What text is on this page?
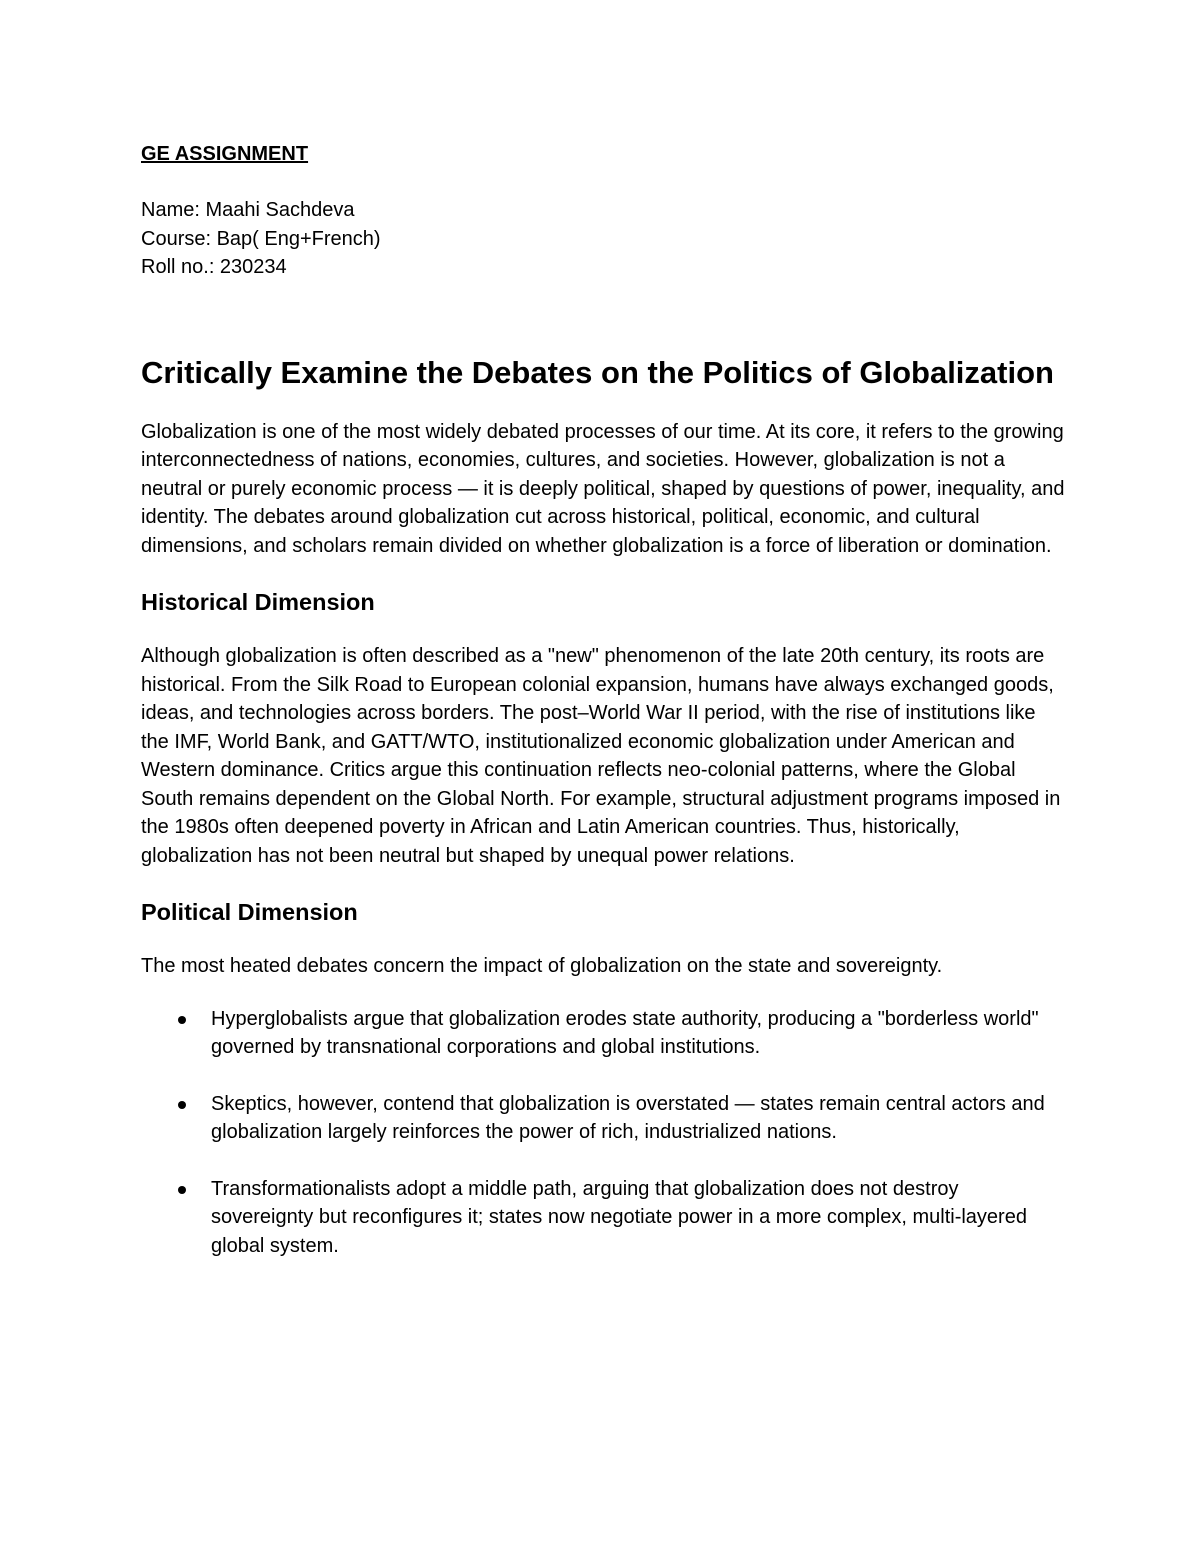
GE ASSIGNMENT

Name: Maahi Sachdeva

Course: Bap( Eng+French)

Roll no.: 230234

Critically Examine the Debates on the Politics of Globalization

Globalization is one of the most widely debated processes of our time. At its core, it refers to the growing interconnectedness of nations, economies, cultures, and societies. However, globalization is not a neutral or purely economic process — it is deeply political, shaped by questions of power, inequality, and identity. The debates around globalization cut across historical, political, economic, and cultural dimensions, and scholars remain divided on whether globalization is a force of liberation or domination.

Historical Dimension

Although globalization is often described as a "new" phenomenon of the late 20th century, its roots are historical. From the Silk Road to European colonial expansion, humans have always exchanged goods, ideas, and technologies across borders. The post–World War II period, with the rise of institutions like the IMF, World Bank, and GATT/WTO, institutionalized economic globalization under American and Western dominance. Critics argue this continuation reflects neo-colonial patterns, where the Global South remains dependent on the Global North. For example, structural adjustment programs imposed in the 1980s often deepened poverty in African and Latin American countries. Thus, historically, globalization has not been neutral but shaped by unequal power relations.

Political Dimension

The most heated debates concern the impact of globalization on the state and sovereignty.

Hyperglobalists argue that globalization erodes state authority, producing a "borderless world" governed by transnational corporations and global institutions.
Skeptics, however, contend that globalization is overstated — states remain central actors and globalization largely reinforces the power of rich, industrialized nations.
Transformationalists adopt a middle path, arguing that globalization does not destroy sovereignty but reconfigures it; states now negotiate power in a more complex, multi-layered global system.
